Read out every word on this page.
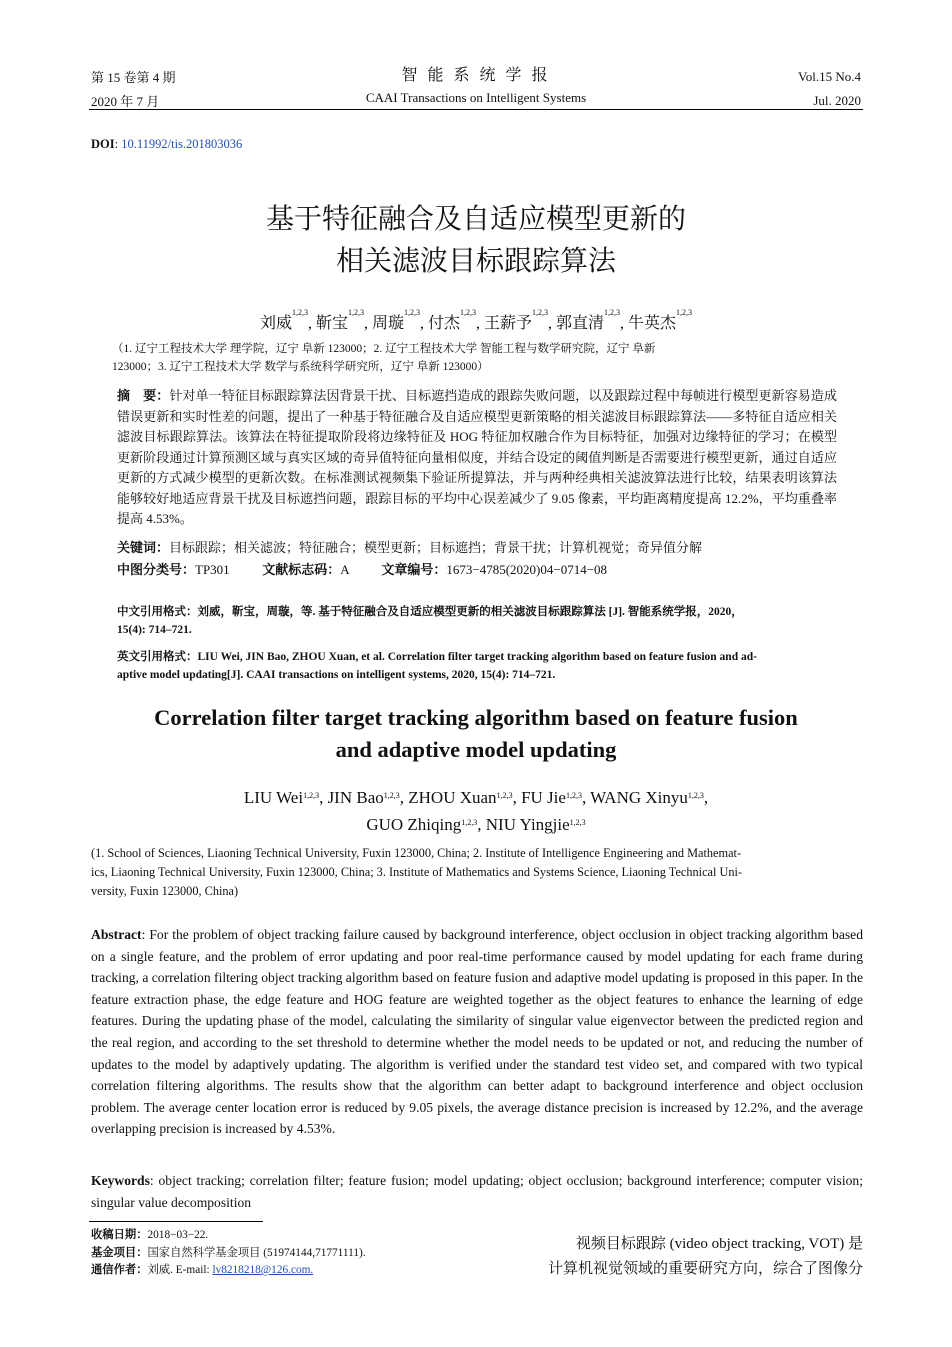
第 15 卷第 4 期
2020 年 7 月
智 能 系 统 学 报
CAAI Transactions on Intelligent Systems
Vol.15 No.4
Jul. 2020
DOI: 10.11992/tis.201803036
基于特征融合及自适应模型更新的
相关滤波目标跟踪算法
刘威$^{1,2,3}$, 靳宝$^{1,2,3}$, 周璇$^{1,2,3}$, 付杰$^{1,2,3}$, 王薪予$^{1,2,3}$, 郭直清$^{1,2,3}$, 牛英杰$^{1,2,3}$
（1. 辽宁工程技术大学 理学院，辽宁 阜新 123000；2. 辽宁工程技术大学 智能工程与数学研究院，辽宁 阜新
123000；3. 辽宁工程技术大学 数学与系统科学研究所，辽宁 阜新 123000）
摘　要：针对单一特征目标跟踪算法因背景干扰、目标遮挡造成的跟踪失败问题，以及跟踪过程中每帧进行模型更新容易造成错误更新和实时性差的问题，提出了一种基于特征融合及自适应模型更新策略的相关滤波目标跟踪算法——多特征自适应相关滤波目标跟踪算法。该算法在特征提取阶段将边缘特征及 HOG 特征加权融合作为目标特征，加强对边缘特征的学习；在模型更新阶段通过计算预测区域与真实区域的奇异值特征向量相似度，并结合设定的阈值判断是否需要进行模型更新，通过自适应更新的方式减少模型的更新次数。在标准测试视频集下验证所提算法，并与两种经典相关滤波算法进行比较，结果表明该算法能够较好地适应背景干扰及目标遮挡问题，跟踪目标的平均中心误差减少了 9.05 像素，平均距离精度提高 12.2%，平均重叠率提高 4.53%。
关键词：目标跟踪；相关滤波；特征融合；模型更新；目标遮挡；背景干扰；计算机视觉；奇异值分解
中图分类号：TP301	文献标志码：A	文章编号：1673−4785(2020)04−0714−08
中文引用格式：刘威，靳宝，周璇，等. 基于特征融合及自适应模型更新的相关滤波目标跟踪算法 [J]. 智能系统学报，2020，
15(4): 714–721.
英文引用格式：LIU Wei, JIN Bao, ZHOU Xuan, et al. Correlation filter target tracking algorithm based on feature fusion and ad-
aptive model updating[J]. CAAI transactions on intelligent systems, 2020, 15(4): 714–721.
Correlation filter target tracking algorithm based on feature fusion
and adaptive model updating
LIU Wei$^{1,2,3}$, JIN Bao$^{1,2,3}$, ZHOU Xuan$^{1,2,3}$, FU Jie$^{1,2,3}$, WANG Xinyu$^{1,2,3}$,
GUO Zhiqing$^{1,2,3}$, NIU Yingjie$^{1,2,3}$
(1. School of Sciences, Liaoning Technical University, Fuxin 123000, China; 2. Institute of Intelligence Engineering and Mathemat-
ics, Liaoning Technical University, Fuxin 123000, China; 3. Institute of Mathematics and Systems Science, Liaoning Technical Uni-
versity, Fuxin 123000, China)
Abstract: For the problem of object tracking failure caused by background interference, object occlusion in object tracking algorithm based on a single feature, and the problem of error updating and poor real-time performance caused by model updating for each frame during tracking, a correlation filtering object tracking algorithm based on feature fusion and adaptive model updating is proposed in this paper. In the feature extraction phase, the edge feature and HOG feature are weighted together as the object features to enhance the learning of edge features. During the updating phase of the model, calculating the similarity of singular value eigenvector between the predicted region and the real region, and according to the set threshold to determine whether the model needs to be updated or not, and reducing the number of updates to the model by adaptively updating. The algorithm is verified under the standard test video set, and compared with two typical correlation filtering algorithms. The results show that the algorithm can better adapt to background interference and object occlusion problem. The average center location error is reduced by 9.05 pixels, the average distance precision is increased by 12.2%, and the average overlapping precision is increased by 4.53%.
Keywords: object tracking; correlation filter; feature fusion; model updating; object occlusion; background interference; computer vision; singular value decomposition
收稿日期：2018−03−22.
基金项目：国家自然科学基金项目 (51974144,71771111).
通信作者：刘威. E-mail: lv8218218@126.com.
视频目标跟踪 (video object tracking, VOT) 是
计算机视觉领域的重要研究方向，综合了图像分
